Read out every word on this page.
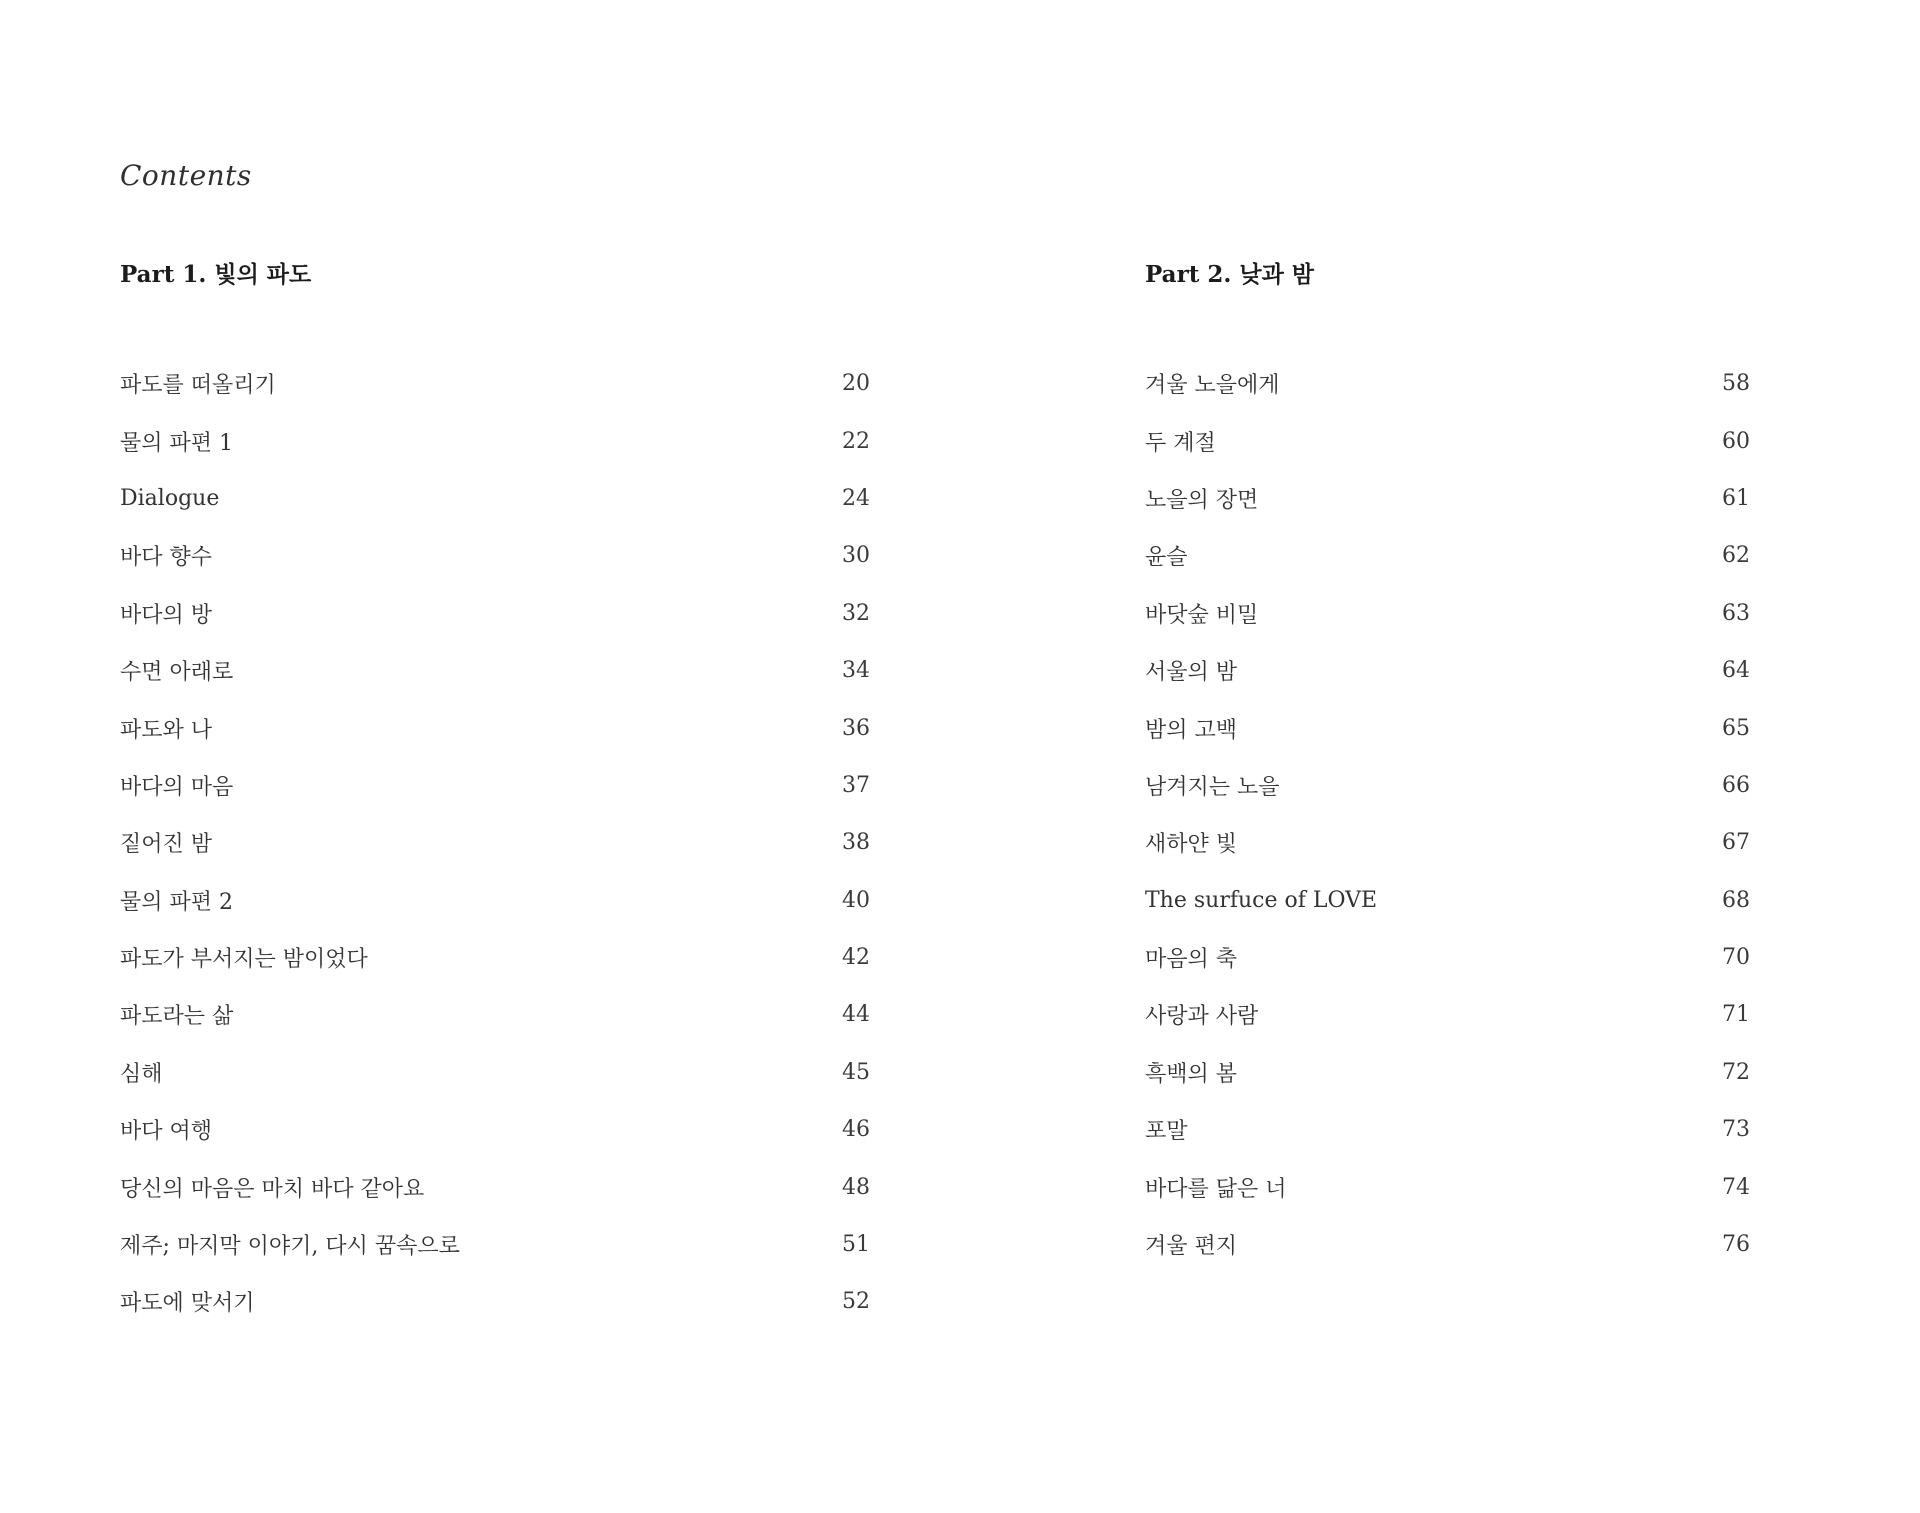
Contents
Part 1. 빛의 파도
파도를 떠올리기	20
물의 파편 1	22
Dialogue	24
바다 향수	30
바다의 방	32
수면 아래로	34
파도와 나	36
바다의 마음	37
짙어진 밤	38
물의 파편 2	40
파도가 부서지는 밤이었다	42
파도라는 삶	44
심해	45
바다 여행	46
당신의 마음은 마치 바다 같아요	48
제주; 마지막 이야기, 다시 꿈속으로	51
파도에 맞서기	52
Part 2. 낮과 밤
겨울 노을에게	58
두 계절	60
노을의 장면	61
윤슬	62
바닷숲 비밀	63
서울의 밤	64
밤의 고백	65
남겨지는 노을	66
새하얀 빛	67
The surfuce of LOVE	68
마음의 축	70
사랑과 사람	71
흑백의 봄	72
포말	73
바다를 닮은 너	74
겨울 편지	76
